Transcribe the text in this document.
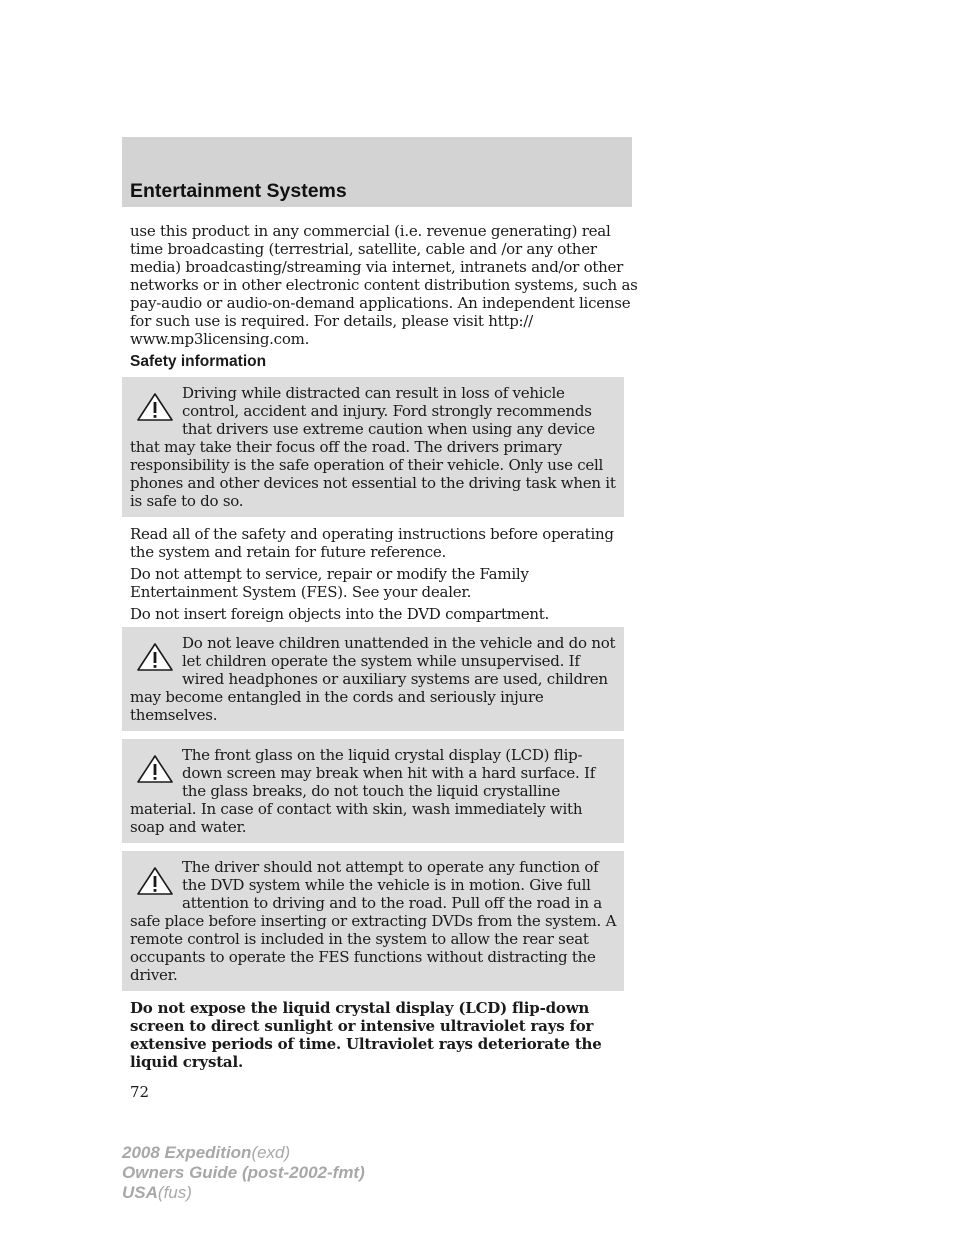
Entertainment Systems

use this product in any commercial (i.e. revenue generating) real time broadcasting (terrestrial, satellite, cable and /or any other media) broadcasting/streaming via internet, intranets and/or other networks or in other electronic content distribution systems, such as pay-audio or audio-on-demand applications. An independent license for such use is required. For details, please visit http:// www.mp3licensing.com.

Safety information

Driving while distracted can result in loss of vehicle control, accident and injury. Ford strongly recommends that drivers use extreme caution when using any device that may take their focus off the road. The drivers primary responsibility is the safe operation of their vehicle. Only use cell phones and other devices not essential to the driving task when it is safe to do so.

Read all of the safety and operating instructions before operating the system and retain for future reference.

Do not attempt to service, repair or modify the Family Entertainment System (FES). See your dealer.

Do not insert foreign objects into the DVD compartment.

Do not leave children unattended in the vehicle and do not let children operate the system while unsupervised. If wired headphones or auxiliary systems are used, children may become entangled in the cords and seriously injure themselves.

The front glass on the liquid crystal display (LCD) flip-down screen may break when hit with a hard surface. If the glass breaks, do not touch the liquid crystalline material. In case of contact with skin, wash immediately with soap and water.

The driver should not attempt to operate any function of the DVD system while the vehicle is in motion. Give full attention to driving and to the road. Pull off the road in a safe place before inserting or extracting DVDs from the system. A remote control is included in the system to allow the rear seat occupants to operate the FES functions without distracting the driver.

Do not expose the liquid crystal display (LCD) flip-down screen to direct sunlight or intensive ultraviolet rays for extensive periods of time. Ultraviolet rays deteriorate the liquid crystal.

72

2008 Expedition(exd)
Owners Guide (post-2002-fmt)
USA(fus)
